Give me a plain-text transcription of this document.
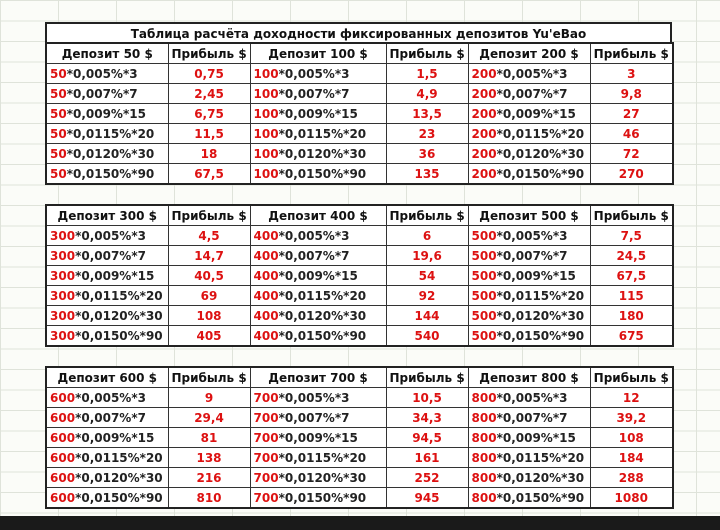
Таблица расчёта доходности фиксированных депозитов Yu'eBao
Депозит 50 $	Прибыль $	Депозит 100 $	Прибыль $	Депозит 200 $	Прибыль $
50*0,005%*3	0,75	100*0,005%*3	1,5	200*0,005%*3	3
50*0,007%*7	2,45	100*0,007%*7	4,9	200*0,007%*7	9,8
50*0,009%*15	6,75	100*0,009%*15	13,5	200*0,009%*15	27
50*0,0115%*20	11,5	100*0,0115%*20	23	200*0,0115%*20	46
50*0,0120%*30	18	100*0,0120%*30	36	200*0,0120%*30	72
50*0,0150%*90	67,5	100*0,0150%*90	135	200*0,0150%*90	270
Депозит 300 $	Прибыль $	Депозит 400 $	Прибыль $	Депозит 500 $	Прибыль $
300*0,005%*3	4,5	400*0,005%*3	6	500*0,005%*3	7,5
300*0,007%*7	14,7	400*0,007%*7	19,6	500*0,007%*7	24,5
300*0,009%*15	40,5	400*0,009%*15	54	500*0,009%*15	67,5
300*0,0115%*20	69	400*0,0115%*20	92	500*0,0115%*20	115
300*0,0120%*30	108	400*0,0120%*30	144	500*0,0120%*30	180
300*0,0150%*90	405	400*0,0150%*90	540	500*0,0150%*90	675
Депозит 600 $	Прибыль $	Депозит 700 $	Прибыль $	Депозит 800 $	Прибыль $
600*0,005%*3	9	700*0,005%*3	10,5	800*0,005%*3	12
600*0,007%*7	29,4	700*0,007%*7	34,3	800*0,007%*7	39,2
600*0,009%*15	81	700*0,009%*15	94,5	800*0,009%*15	108
600*0,0115%*20	138	700*0,0115%*20	161	800*0,0115%*20	184
600*0,0120%*30	216	700*0,0120%*30	252	800*0,0120%*30	288
600*0,0150%*90	810	700*0,0150%*90	945	800*0,0150%*90	1080
